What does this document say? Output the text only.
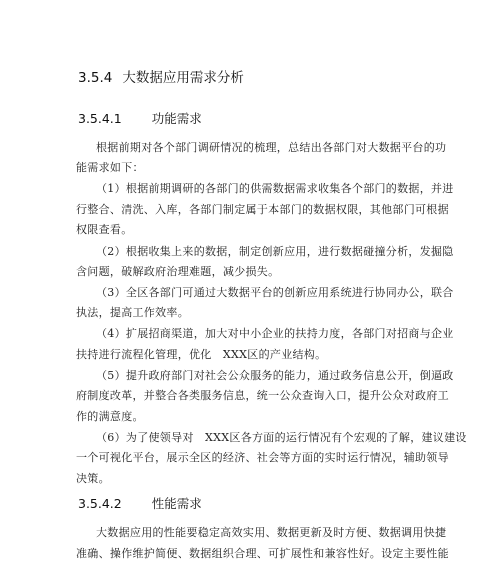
3.5.4 大数据应用需求分析
3.5.4.1 功能需求
根据前期对各个部门调研情况的梳理，总结出各部门对大数据平台的功
能需求如下：
（1）根据前期调研的各部门的供需数据需求收集各个部门的数据，并进
行整合、清洗、入库，各部门制定属于本部门的数据权限，其他部门可根据
权限查看。
（2）根据收集上来的数据，制定创新应用，进行数据碰撞分析，发掘隐
含问题，破解政府治理难题，减少损失。
（3）全区各部门可通过大数据平台的创新应用系统进行协同办公，联合
执法，提高工作效率。
（4）扩展招商渠道，加大对中小企业的扶持力度，各部门对招商与企业
扶持进行流程化管理，优化　XXX区的产业结构。
（5）提升政府部门对社会公众服务的能力，通过政务信息公开，倒逼政
府制度改革，并整合各类服务信息，统一公众查询入口，提升公众对政府工
作的满意度。
（6）为了使领导对　XXX区各方面的运行情况有个宏观的了解，建议建设
一个可视化平台，展示全区的经济、社会等方面的实时运行情况，辅助领导
决策。
3.5.4.2 性能需求
大数据应用的性能要稳定高效实用、数据更新及时方便、数据调用快捷
准确、操作维护简便、数据组织合理、可扩展性和兼容性好。设定主要性能
